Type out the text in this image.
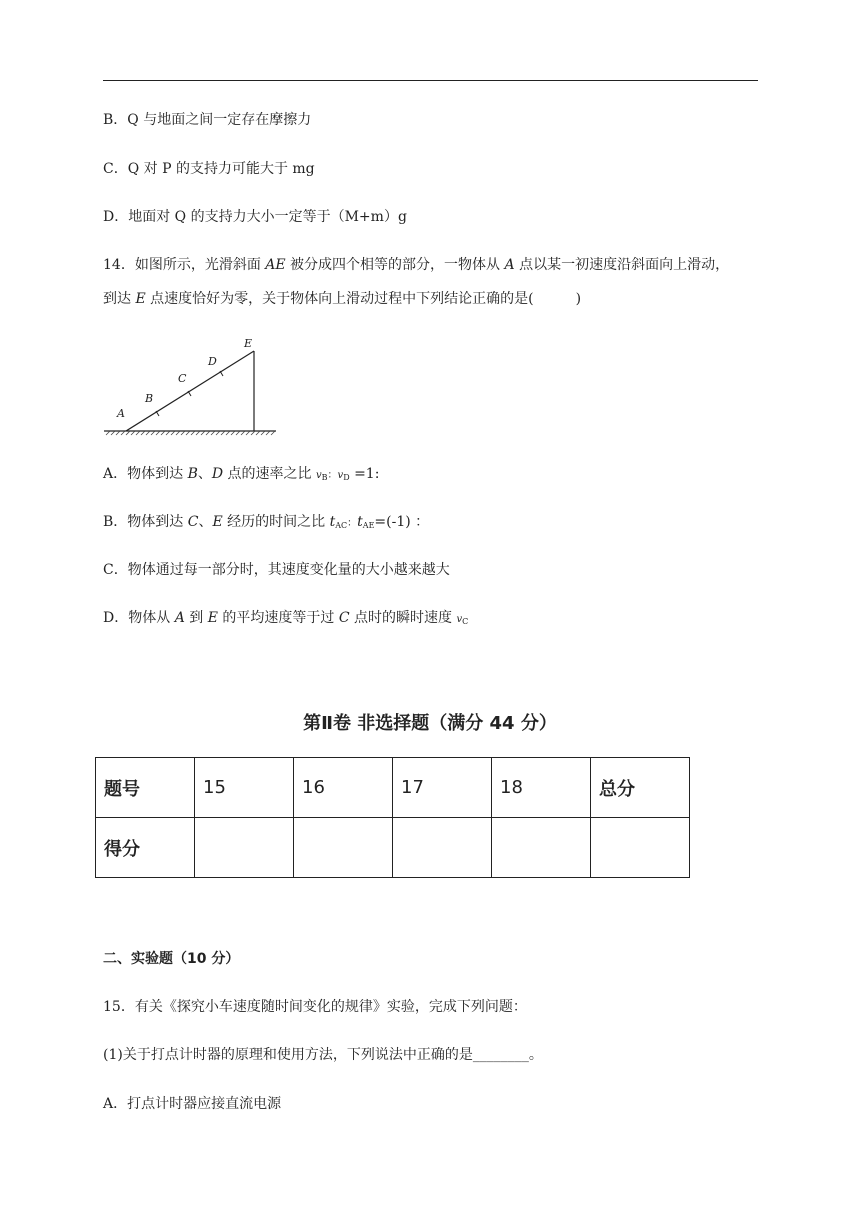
B．Q 与地面之间一定存在摩擦力
C．Q 对 P 的支持力可能大于 mg
D．地面对 Q 的支持力大小一定等于（M+m）g
14．如图所示，光滑斜面 AE 被分成四个相等的部分，一物体从 A 点以某一初速度沿斜面向上滑动，
到达 E 点速度恰好为零，关于物体向上滑动过程中下列结论正确的是(　　　)
A
B
C
D
E
A．物体到达 B、D 点的速率之比 $v_B$：$v_D =1$:
B．物体到达 C、E 经历的时间之比 $t_{AC}$：$t_{AE}=(-1)$ ：
C．物体通过每一部分时，其速度变化量的大小越来越大
D．物体从 A 到 E 的平均速度等于过 C 点时的瞬时速度 $v_C$
第Ⅱ卷 非选择题（满分 44 分）
题号	15	16	17	18	总分
得分					
二、实验题（10 分）
15．有关《探究小车速度随时间变化的规律》实验，完成下列问题：
(1)关于打点计时器的原理和使用方法，下列说法中正确的是________。
A．打点计时器应接直流电源
